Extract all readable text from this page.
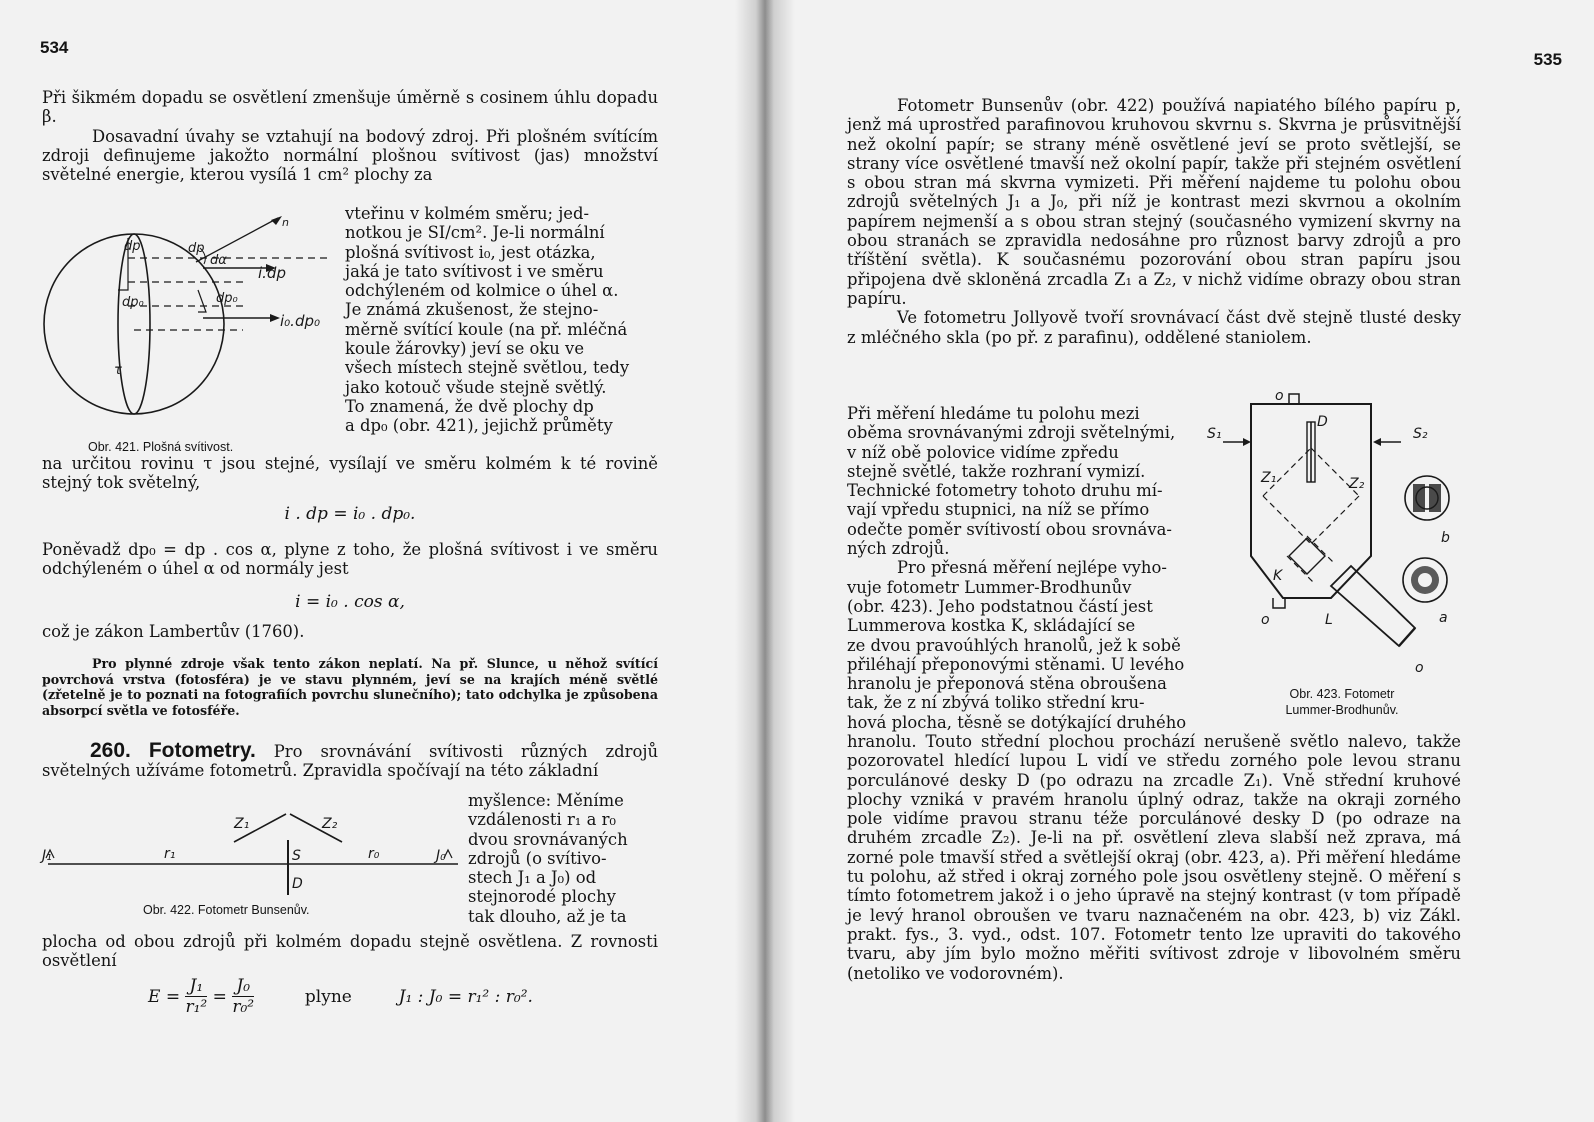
534

Při šikmém dopadu se osvětlení zmenšuje úměrně s cosinem úhlu dopadu β.

Dosavadní úvahy se vztahují na bodový zdroj. Při plošném svítícím zdroji definujeme jakožto normální plošnou svítivost (jas) množství světelné energie, kterou vysílá 1 cm² plochy za

vteřinu v kolmém směru; jed-
notkou je SI/cm². Je-li normální
plošná svítivost i₀, jest otázka,
jaká je tato svítivost i ve směru
odchýleném od kolmice o úhel α.
Je známá zkušenost, že stejno-
měrně svítící koule (na př. mléčná
koule žárovky) jeví se oku ve
všech místech stejně světlou, tedy
jako kotouč všude stejně světlý.
To znamená, že dvě plochy dp
a dp₀ (obr. 421), jejichž průměty
dp	dp
dα
i.dp
dp₀	dp₀
i₀.dp₀
τ
n
Obr. 421. Plošná svítivost.

na určitou rovinu τ jsou stejné, vysílají ve směru kolmém k té rovině stejný tok světelný,

i . dp = i₀ . dp₀.

Poněvadž dp₀ = dp . cos α, plyne z toho, že plošná svítivost i ve směru odchýleném o úhel α od normály jest

i = i₀ . cos α,

což je zákon Lambertův (1760).

Pro plynné zdroje však tento zákon neplatí. Na př. Slunce, u něhož svítící povrchová vrstva (fotosféra) je ve stavu plynném, jeví se na krajích méně světlé (zřetelně je to poznati na fotografiích povrchu slunečního); tato odchylka je způsobena absorpcí světla ve fotosféře.
260. Fotometry. Pro srovnávání svítivosti různých zdrojů světelných užíváme fotometrů. Zpravidla spočívají na této základní
myšlence: Měníme
vzdálenosti r₁ a r₀
dvou srovnávaných
zdrojů (o svítivo-
stech J₁ a J₀) od
stejnorodé plochy
tak dlouho, až je ta
Z₁	Z₂
J₁	r₁	S	r₀	J₀
D
Obr. 422. Fotometr Bunsenův.

plocha od obou zdrojů při kolmém dopadu stejně osvětlena. Z rovnosti osvětlení

$E = \frac{\text{J₁}}{\text{r₁²}} = \frac{\text{J₀}}{\text{r₀²}}$	plyne	J₁ : J₀ = r₁² : r₀².
535

Fotometr Bunsenův (obr. 422) používá napiatého bílého papíru p, jenž má uprostřed parafinovou kruhovou skvrnu s. Skvrna je průsvitnější než okolní papír; se strany méně osvětlené jeví se proto světlejší, se strany více osvětlené tmavší než okolní papír, takže při stejném osvětlení s obou stran má skvrna vymizeti. Při měření najdeme tu polohu obou zdrojů světelných J₁ a J₀, při níž je kontrast mezi skvrnou a okolním papírem nejmenší a s obou stran stejný (současného vymizení skvrny na obou stranách se zpravidla nedosáhne pro různost barvy zdrojů a pro tříštění světla). K současnému pozorování obou stran papíru jsou připojena dvě skloněná zrcadla Z₁ a Z₂, v nichž vidíme obrazy obou stran papíru.

Ve fotometru Jollyově tvoří srovnávací část dvě stejně tlusté desky z mléčného skla (po př. z parafinu), oddělené staniolem.

Při měření hledáme tu polohu mezi
oběma srovnávanými zdroji světelnými,
v níž obě polovice vidíme zpředu
stejně světlé, takže rozhraní vymizí.
Technické fotometry tohoto druhu mí-
vají vpředu stupnici, na níž se přímo
odečte poměr svítivostí obou srovnáva-
ných zdrojů.
Pro přesná měření nejlépe vyho-
vuje fotometr Lummer-Brodhunův
(obr. 423). Jeho podstatnou částí jest
Lummerova kostka K, skládající se
ze dvou pravoúhlých hranolů, jež k sobě
přiléhají přeponovými stěnami. U levého
hranolu je přeponová stěna obroušena
tak, že z ní zbývá toliko střední kru-
hová plocha, těsně se dotýkající druhého
o
D
S₁	S₂
Z₁	Z₂
K
o	L
b
a
o
Obr. 423. Fotometr
Lummer-Brodhunův.

hranolu. Touto střední plochou prochází nerušeně světlo nalevo, takže pozorovatel hledící lupou L vidí ve středu zorného pole levou stranu porculánové desky D (po odrazu na zrcadle Z₁). Vně střední kruhové plochy vzniká v pravém hranolu úplný odraz, takže na okraji zorného pole vidíme pravou stranu téže porculánové desky D (po odraze na druhém zrcadle Z₂). Je-li na př. osvětlení zleva slabší než zprava, má zorné pole tmavší střed a světlejší okraj (obr. 423, a). Při měření hledáme tu polohu, až střed i okraj zorného pole jsou osvětleny stejně. O měření s tímto fotometrem jakož i o jeho úpravě na stejný kontrast (v tom případě je levý hranol obroušen ve tvaru naznačeném na obr. 423, b) viz Zákl. prakt. fys., 3. vyd., odst. 107. Fotometr tento lze upraviti do takového tvaru, aby jím bylo možno měřiti svítivost zdroje v libovolném směru (netoliko ve vodorovném).
